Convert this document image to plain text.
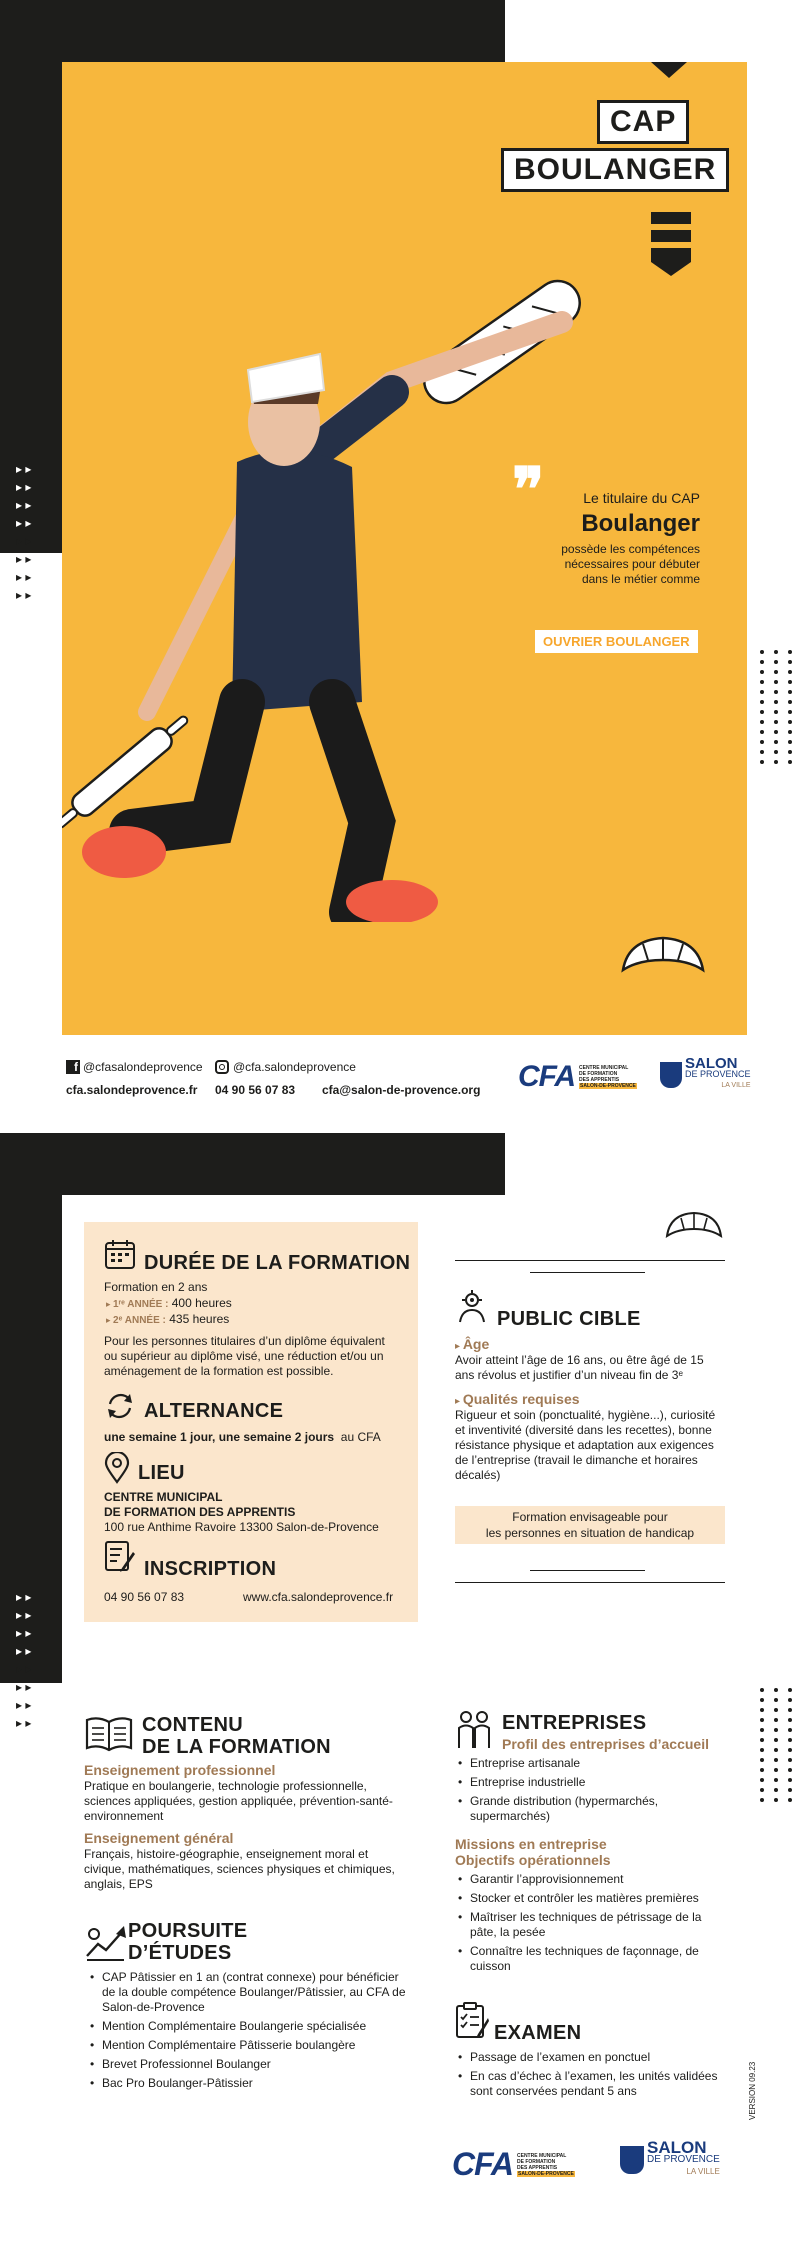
▸ ▸
▸ ▸
▸ ▸
▸ ▸
▸ ▸
▸ ▸
▸ ▸
▸ ▸
CAP
BOULANGER
❞	Le titulaire du CAP
Boulanger
possède les compétences
nécessaires pour débuter
dans le métier comme
OUVRIER BOULANGER
f @cfasalondeprovence	@cfa.salondeprovence
cfa.salondeprovence.fr 04 90 56 07 83 cfa@salon-de-provence.org CFA CENTRE MUNICIPAL
DE FORMATION
DES APPRENTIS
SALON-DE-PROVENCE
SALON
DE PROVENCE
LA VILLE
▸ ▸
▸ ▸
▸ ▸
▸ ▸
▸ ▸
▸ ▸
▸ ▸
▸ ▸
DURÉE DE LA FORMATION
Formation en 2 ans
▸ 1ʳᵉ ANNÉE : 400 heures
▸ 2ᵉ ANNÉE : 435 heures
Pour les personnes titulaires d’un diplôme équivalent
ou supérieur au diplôme visé, une réduction et/ou un
aménagement de la formation est possible.
ALTERNANCE
une semaine 1 jour, une semaine 2 jours au CFA
LIEU
CENTRE MUNICIPAL
DE FORMATION DES APPRENTIS
100 rue Anthime Ravoire 13300 Salon-de-Provence
INSCRIPTION
04 90 56 07 83	www.cfa.salondeprovence.fr
PUBLIC CIBLE
▸ Âge
Avoir atteint l’âge de 16 ans, ou être âgé de 15
ans révolus et justifier d’un niveau fin de 3ᵉ
▸ Qualités requises
Rigueur et soin (ponctualité, hygiène...), curiosité
et inventivité (diversité dans les recettes), bonne
résistance physique et adaptation aux exigences
de l’entreprise (travail le dimanche et horaires
décalés)
Formation envisageable pour
les personnes en situation de handicap
CONTENU
DE LA FORMATION
Enseignement professionnel
Pratique en boulangerie, technologie professionnelle,
sciences appliquées, gestion appliquée, prévention-santé-
environnement
Enseignement général
Français, histoire-géographie, enseignement moral et
civique, mathématiques, sciences physiques et chimiques,
anglais, EPS
POURSUITE
D’ÉTUDES
• CAP Pâtissier en 1 an (contrat connexe) pour bénéficier
de la double compétence Boulanger/Pâtissier, au CFA de
Salon-de-Provence
• Mention Complémentaire Boulangerie spécialisée
• Mention Complémentaire Pâtisserie boulangère
• Brevet Professionnel Boulanger
• Bac Pro Boulanger-Pâtissier
ENTREPRISES
Profil des entreprises d’accueil
• Entreprise artisanale
• Entreprise industrielle
• Grande distribution (hypermarchés,
supermarchés)
Missions en entreprise
Objectifs opérationnels
• Garantir l’approvisionnement
• Stocker et contrôler les matières premières
• Maîtriser les techniques de pétrissage de la
pâte, la pesée
• Connaître les techniques de façonnage, de
cuisson
EXAMEN
• Passage de l’examen en ponctuel
• En cas d’échec à l’examen, les unités validées
sont conservées pendant 5 ans	VERSION 09.23
CFA CENTRE MUNICIPAL
DE FORMATION
DES APPRENTIS
SALON-DE-PROVENCE
SALON
DE PROVENCE
LA VILLE
